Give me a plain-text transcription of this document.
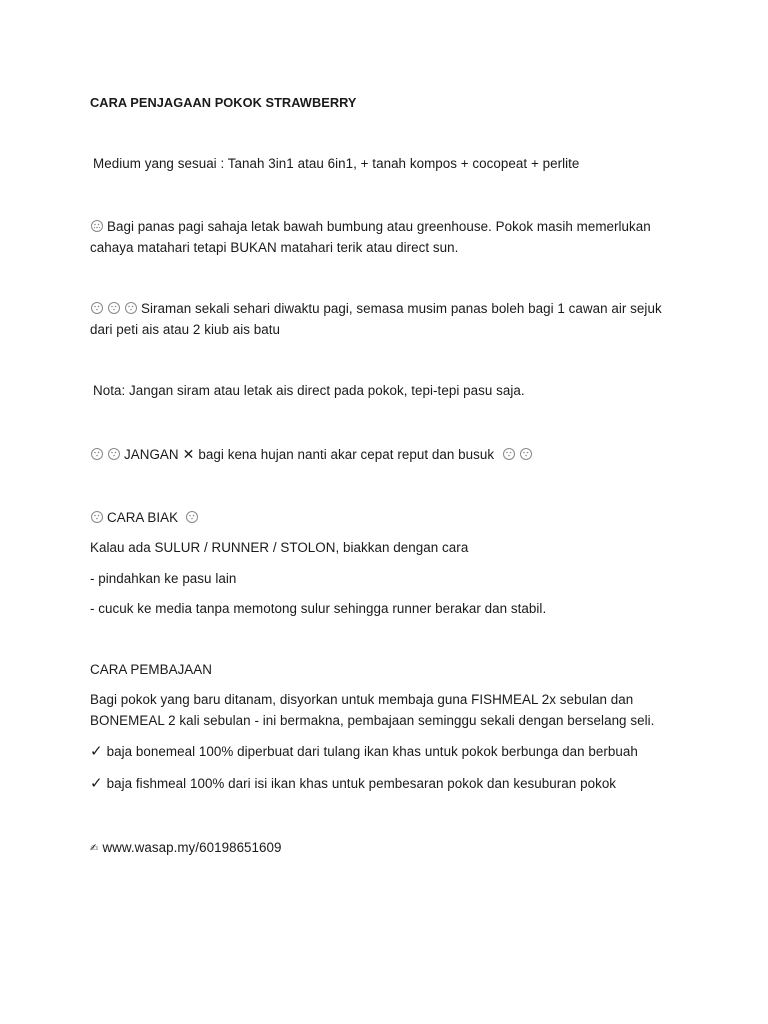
CARA PENJAGAAN POKOK STRAWBERRY
Medium yang sesuai : Tanah 3in1 atau 6in1, + tanah kompos + cocopeat + perlite
Bagi panas pagi sahaja letak bawah bumbung atau greenhouse. Pokok masih memerlukan
cahaya matahari tetapi BUKAN matahari terik atau direct sun.
Siraman sekali sehari diwaktu pagi, semasa musim panas boleh bagi 1 cawan air sejuk
dari peti ais atau 2 kiub ais batu
Nota: Jangan siram atau letak ais direct pada pokok, tepi-tepi pasu saja.
JANGAN ✕ bagi kena hujan nanti akar cepat reput dan busuk
CARA BIAK
Kalau ada SULUR / RUNNER / STOLON, biakkan dengan cara
- pindahkan ke pasu lain
- cucuk ke media tanpa memotong sulur sehingga runner berakar dan stabil.
CARA PEMBAJAAN
Bagi pokok yang baru ditanam, disyorkan untuk membaja guna FISHMEAL 2x sebulan dan
BONEMEAL 2 kali sebulan - ini bermakna, pembajaan seminggu sekali dengan berselang seli.
✓ baja bonemeal 100% diperbuat dari tulang ikan khas untuk pokok berbunga dan berbuah
✓ baja fishmeal 100% dari isi ikan khas untuk pembesaran pokok dan kesuburan pokok
✍ www.wasap.my/60198651609
